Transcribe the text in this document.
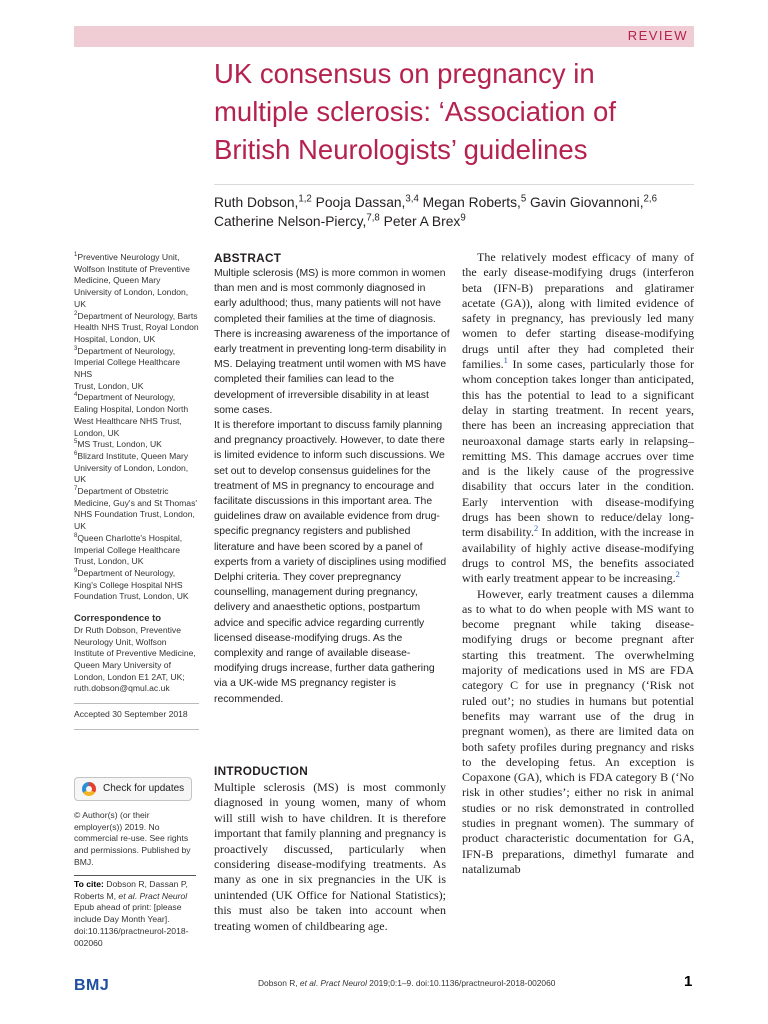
REVIEW
UK consensus on pregnancy in
multiple sclerosis: ‘Association of
British Neurologists’ guidelines
Ruth Dobson,$^{1,2}$ Pooja Dassan,$^{3,4}$ Megan Roberts,$^5$ Gavin Giovannoni,$^{2,6}$
Catherine Nelson-Piercy,$^{7,8}$ Peter A Brex$^9$

$^1$Preventive Neurology Unit,
Wolfson Institute of Preventive
Medicine, Queen Mary
University of London, London,
UK

$^2$Department of Neurology, Barts
Health NHS Trust, Royal London
Hospital, London, UK

$^3$Department of Neurology,
Imperial College Healthcare NHS
Trust, London, UK

$^4$Department of Neurology,
Ealing Hospital, London North
West Healthcare NHS Trust,
London, UK

$^5$MS Trust, London, UK

$^6$Blizard Institute, Queen Mary
University of London, London,
UK

$^7$Department of Obstetric
Medicine, Guy's and St Thomas'
NHS Foundation Trust, London,
UK

$^8$Queen Charlotte's Hospital,
Imperial College Healthcare
Trust, London, UK

$^9$Department of Neurology,
King's College Hospital NHS
Foundation Trust, London, UK

Correspondence to

Dr Ruth Dobson, Preventive
Neurology Unit, Wolfson
Institute of Preventive Medicine,
Queen Mary University of
London, London E1 2AT, UK;
ruth.dobson@qmul.ac.uk

Accepted 30 September 2018

Check for updates

© Author(s) (or their employer(s)) 2019. No commercial re-use. See rights and permissions. Published by BMJ.

To cite: Dobson R, Dassan P, Roberts M, et al. Pract Neurol Epub ahead of print: [please include Day Month Year]. doi:10.1136/practneurol-2018-002060
ABSTRACT

Multiple sclerosis (MS) is more common in women than men and is most commonly diagnosed in early adulthood; thus, many patients will not have completed their families at the time of diagnosis. There is increasing awareness of the importance of early treatment in preventing long-term disability in MS. Delaying treatment until women with MS have completed their families can lead to the development of irreversible disability in at least some cases.

It is therefore important to discuss family planning and pregnancy proactively. However, to date there is limited evidence to inform such discussions. We set out to develop consensus guidelines for the treatment of MS in pregnancy to encourage and facilitate discussions in this important area. The guidelines draw on available evidence from drug-specific pregnancy registers and published literature and have been scored by a panel of experts from a variety of disciplines using modified Delphi criteria. They cover prepregnancy counselling, management during pregnancy, delivery and anaesthetic options, postpartum advice and specific advice regarding currently licensed disease-modifying drugs. As the complexity and range of available disease-modifying drugs increase, further data gathering via a UK-wide MS pregnancy register is recommended.

INTRODUCTION

Multiple sclerosis (MS) is most commonly diagnosed in young women, many of whom will still wish to have children. It is therefore important that family planning and pregnancy is proactively discussed, particularly when considering disease-modifying treatments. As many as one in six pregnancies in the UK is unintended (UK Office for National Statistics); this must also be taken into account when treating women of childbearing age.

The relatively modest efficacy of many of the early disease-modifying drugs (interferon beta (IFN-B) preparations and glatiramer acetate (GA)), along with limited evidence of safety in pregnancy, has previously led many women to defer starting disease-modifying drugs until after they had completed their families.$^1$ In some cases, particularly those for whom conception takes longer than anticipated, this has the potential to lead to a significant delay in starting treatment. In recent years, there has been an increasing appreciation that neuroaxonal damage starts early in relapsing–remitting MS. This damage accrues over time and is the likely cause of the progressive disability that occurs later in the condition. Early intervention with disease-modifying drugs has been shown to reduce/delay long-term disability.$^2$ In addition, with the increase in availability of highly active disease-modifying drugs to control MS, the benefits associated with early treatment appear to be increasing.$^2$

However, early treatment causes a dilemma as to what to do when people with MS want to become pregnant while taking disease-modifying drugs or become pregnant after starting this treatment. The overwhelming majority of medications used in MS are FDA category C for use in pregnancy (‘Risk not ruled out’; no studies in humans but potential benefits may warrant use of the drug in pregnant women), as there are limited data on both safety profiles during pregnancy and risks to the developing fetus. An exception is Copaxone (GA), which is FDA category B (‘No risk in other studies’; either no risk in animal studies or no risk demonstrated in controlled studies in pregnant women). The summary of product characteristic documentation for GA, IFN-B preparations, dimethyl fumarate and natalizumab

BMJ	Dobson R, et al. Pract Neurol 2019;0:1–9. doi:10.1136/practneurol-2018-002060	1
